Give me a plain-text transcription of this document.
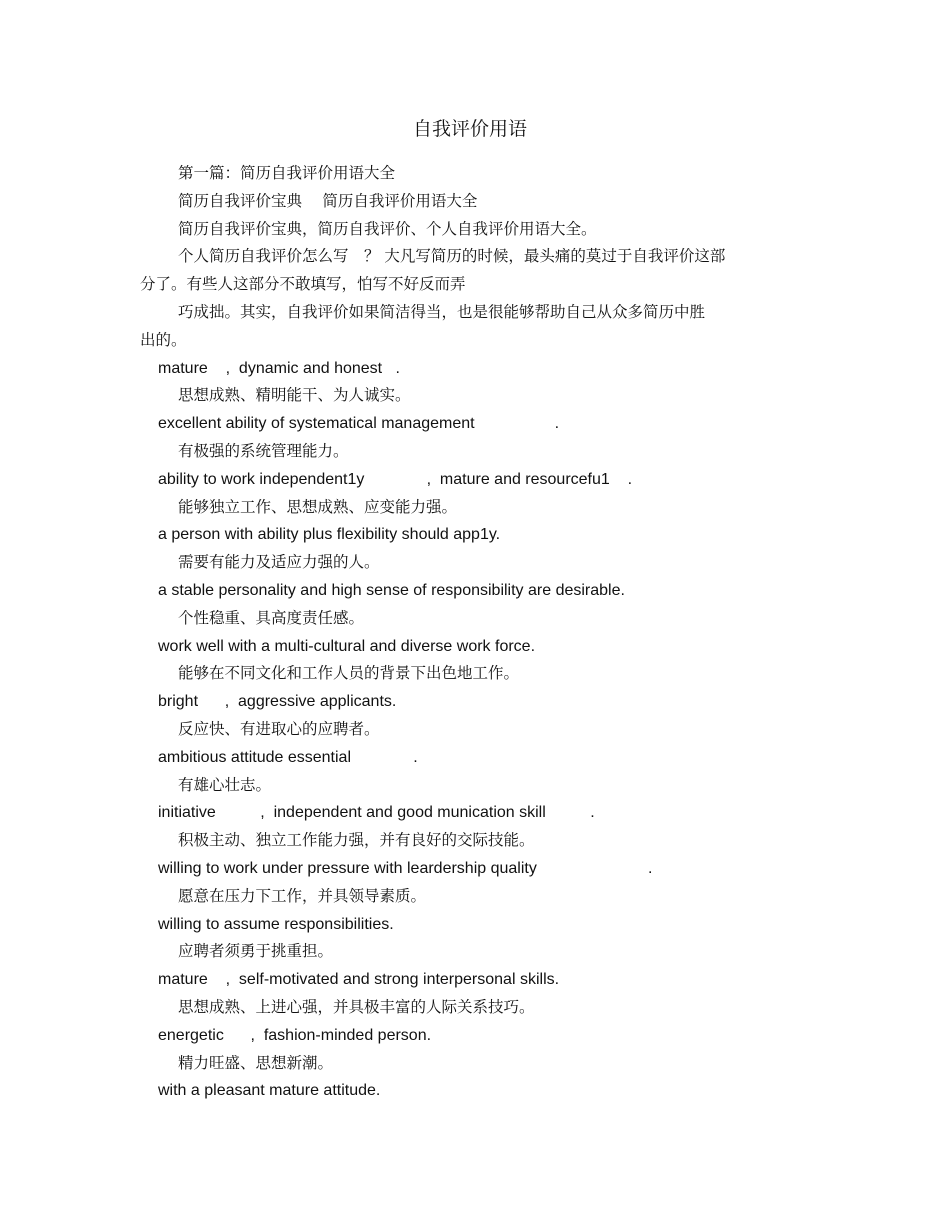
自我评价用语
第一篇：简历自我评价用语大全
简历自我评价宝典　 简历自我评价用语大全
简历自我评价宝典，简历自我评价、个人自我评价用语大全。
个人简历自我评价怎么写　？ 大凡写简历的时候，最头痛的莫过于自我评价这部
分了。有些人这部分不敢填写，怕写不好反而弄
巧成拙。其实，自我评价如果简洁得当，也是很能够帮助自己从众多简历中胜
出的。
mature    ,  dynamic and honest   .
思想成熟、精明能干、为人诚实。
excellent ability of systematical management                  .
有极强的系统管理能力。
ability to work independent1y              ,  mature and resourcefu1    .
能够独立工作、思想成熟、应变能力强。
a person with ability plus flexibility should app1y.
需要有能力及适应力强的人。
a stable personality and high sense of responsibility are desirable.
个性稳重、具高度责任感。
work well with a multi-cultural and diverse work force.
能够在不同文化和工作人员的背景下出色地工作。
bright      ,  aggressive applicants.
反应快、有进取心的应聘者。
ambitious attitude essential              .
有雄心壮志。
initiative          ,  independent and good munication skill          .
积极主动、独立工作能力强，并有良好的交际技能。
willing to work under pressure with leardership quality                         .
愿意在压力下工作，并具领导素质。
willing to assume responsibilities.
应聘者须勇于挑重担。
mature    ,  self-motivated and strong interpersonal skills.
思想成熟、上进心强，并具极丰富的人际关系技巧。
energetic      ,  fashion-minded person.
精力旺盛、思想新潮。
with a pleasant mature attitude.
